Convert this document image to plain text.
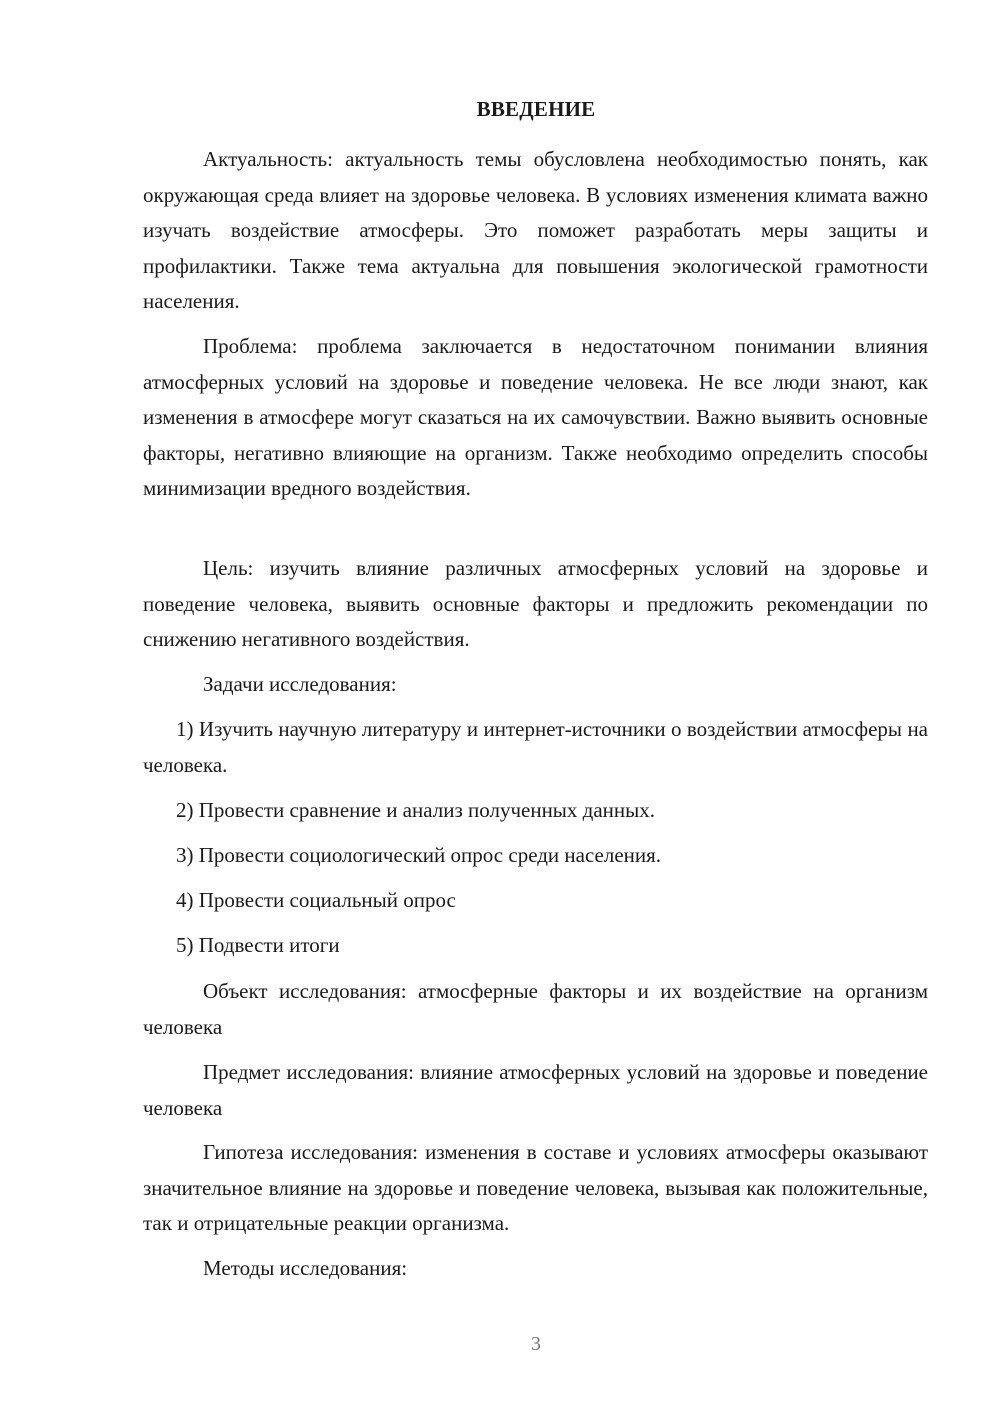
ВВЕДЕНИЕ

Актуальность: актуальность темы обусловлена необходимостью понять, как окружающая среда влияет на здоровье человека. В условиях изменения климата важно изучать воздействие атмосферы. Это поможет разработать меры защиты и профилактики. Также тема актуальна для повышения экологической грамотности населения.

Проблема: проблема заключается в недостаточном понимании влияния атмосферных условий на здоровье и поведение человека. Не все люди знают, как изменения в атмосфере могут сказаться на их самочувствии. Важно выявить основные факторы, негативно влияющие на организм. Также необходимо определить способы минимизации вредного воздействия.

Цель: изучить влияние различных атмосферных условий на здоровье и поведение человека, выявить основные факторы и предложить рекомендации по снижению негативного воздействия.

Задачи исследования:

1) Изучить научную литературу и интернет-источники о воздействии атмосферы на человека.

2) Провести сравнение и анализ полученных данных.

3) Провести социологический опрос среди населения.

4) Провести социальный опрос

5) Подвести итоги

Объект исследования: атмосферные факторы и их воздействие на организм человека

Предмет исследования: влияние атмосферных условий на здоровье и поведение человека

Гипотеза исследования: изменения в составе и условиях атмосферы оказывают значительное влияние на здоровье и поведение человека, вызывая как положительные, так и отрицательные реакции организма.

Методы исследования:

3
